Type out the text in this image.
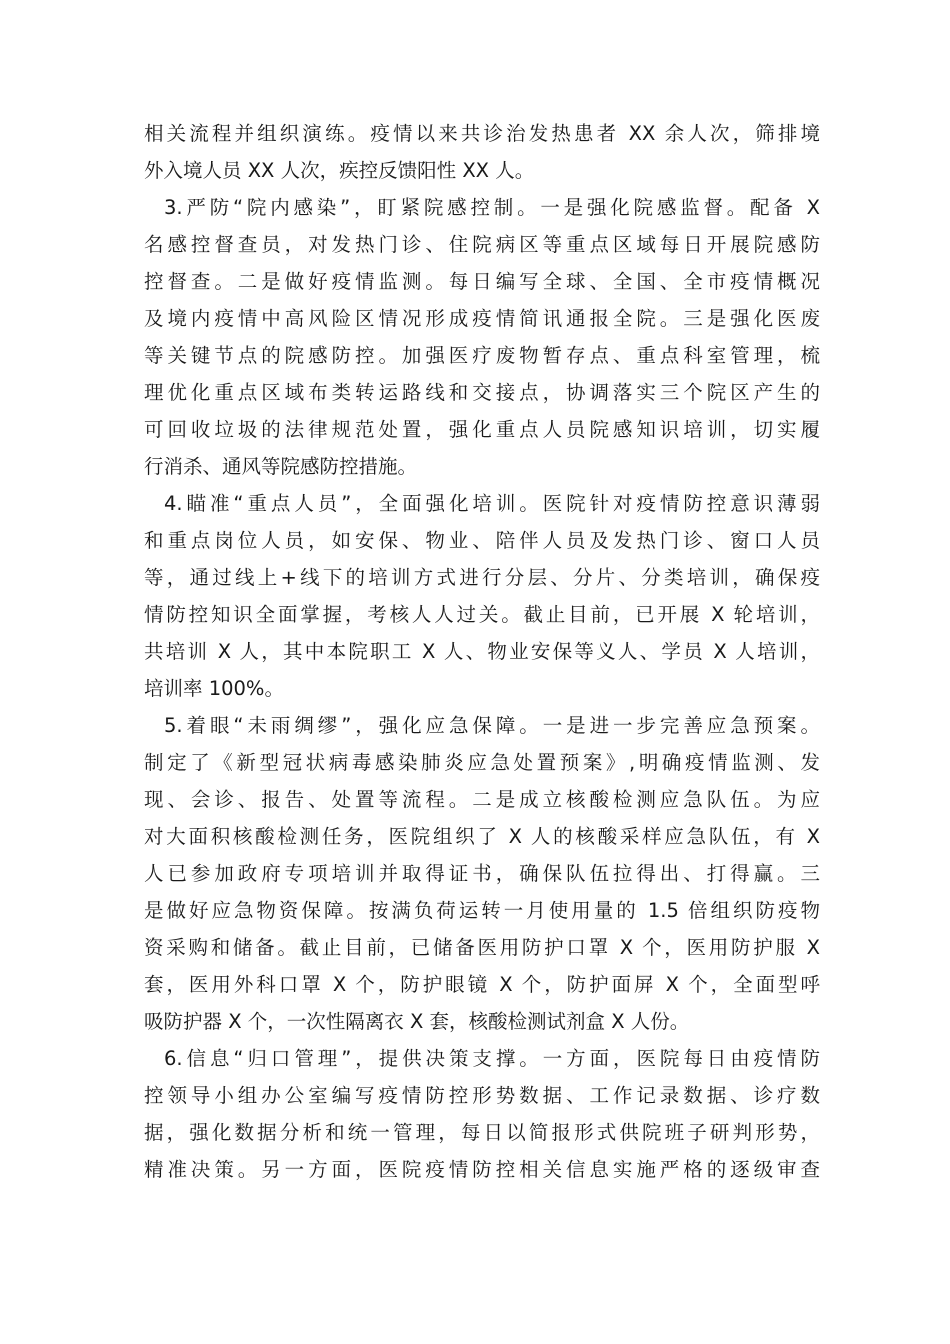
相关流程并组织演练。疫情以来共诊治发热患者 XX 余人次，筛排境
外入境人员 XX 人次，疾控反馈阳性 XX 人。
3.严防“院内感染”，盯紧院感控制。一是强化院感监督。配备 X
名感控督查员，对发热门诊、住院病区等重点区域每日开展院感防
控督查。二是做好疫情监测。每日编写全球、全国、全市疫情概况
及境内疫情中高风险区情况形成疫情简讯通报全院。三是强化医废
等关键节点的院感防控。加强医疗废物暂存点、重点科室管理，梳
理优化重点区域布类转运路线和交接点，协调落实三个院区产生的
可回收垃圾的法律规范处置，强化重点人员院感知识培训，切实履
行消杀、通风等院感防控措施。
4.瞄准“重点人员”，全面强化培训。医院针对疫情防控意识薄弱
和重点岗位人员，如安保、物业、陪伴人员及发热门诊、窗口人员
等，通过线上+线下的培训方式进行分层、分片、分类培训，确保疫
情防控知识全面掌握，考核人人过关。截止目前，已开展 X 轮培训，
共培训 X 人，其中本院职工 X 人、物业安保等义人、学员 X 人培训，
培训率 100%。
5.着眼“未雨绸缪”，强化应急保障。一是进一步完善应急预案。
制定了《新型冠状病毒感染肺炎应急处置预案》,明确疫情监测、发
现、会诊、报告、处置等流程。二是成立核酸检测应急队伍。为应
对大面积核酸检测任务，医院组织了 X 人的核酸采样应急队伍，有 X
人已参加政府专项培训并取得证书，确保队伍拉得出、打得赢。三
是做好应急物资保障。按满负荷运转一月使用量的 1.5 倍组织防疫物
资采购和储备。截止目前，已储备医用防护口罩 X 个，医用防护服 X
套，医用外科口罩 X 个，防护眼镜 X 个，防护面屏 X 个，全面型呼
吸防护器 X 个，一次性隔离衣 X 套，核酸检测试剂盒 X 人份。
6.信息“归口管理”，提供决策支撑。一方面，医院每日由疫情防
控领导小组办公室编写疫情防控形势数据、工作记录数据、诊疗数
据，强化数据分析和统一管理，每日以简报形式供院班子研判形势，
精准决策。另一方面，医院疫情防控相关信息实施严格的逐级审查
